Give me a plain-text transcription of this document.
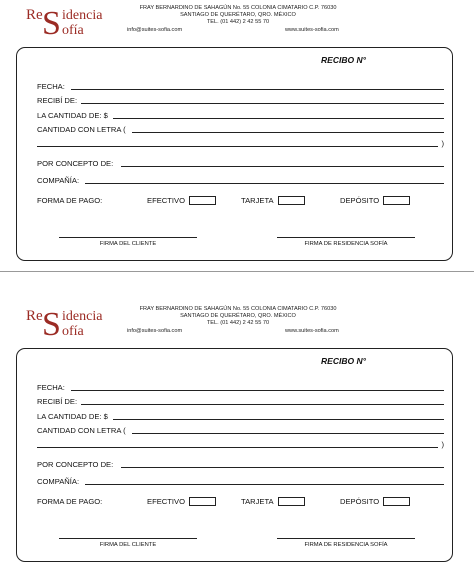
Re S idencia
ofía
FRAY BERNARDINO DE SAHAGÚN No. 55 COLONIA CIMATARIO C.P. 76030
SANTIAGO DE QUERÉTARO, QRO. MÉXICO
TEL. (01 442) 2 42 55 70
info@suites-sofia.com	www.suites-sofia.com
RECIBO N°
FECHA:
RECIBÍ DE:
LA CANTIDAD DE: $
CANTIDAD CON LETRA (
)
POR CONCEPTO DE:
COMPAÑÍA:
FORMA DE PAGO:	EFECTIVO	TARJETA	DEPÓSITO
FIRMA DEL CLIENTE	FIRMA DE RESIDENCIA SOFÍA
Re S idencia
ofía
FRAY BERNARDINO DE SAHAGÚN No. 55 COLONIA CIMATARIO C.P. 76030
SANTIAGO DE QUERÉTARO, QRO. MÉXICO
TEL. (01 442) 2 42 55 70
info@suites-sofia.com	www.suites-sofia.com
RECIBO N°
FECHA:
RECIBÍ DE:
LA CANTIDAD DE: $
CANTIDAD CON LETRA (
)
POR CONCEPTO DE:
COMPAÑÍA:
FORMA DE PAGO:	EFECTIVO	TARJETA	DEPÓSITO
FIRMA DEL CLIENTE	FIRMA DE RESIDENCIA SOFÍA
